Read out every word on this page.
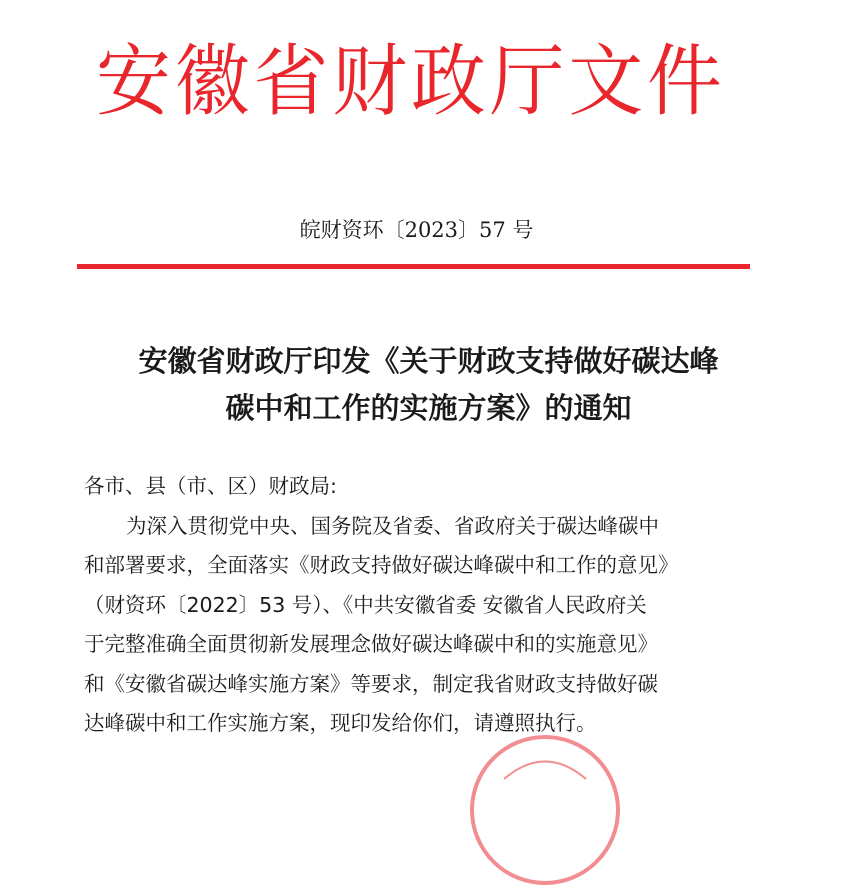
安徽省财政厅文件
皖财资环〔2023〕57 号
安徽省财政厅印发《关于财政支持做好碳达峰
碳中和工作的实施方案》的通知
各市、县（市、区）财政局:
为深入贯彻党中央、国务院及省委、省政府关于碳达峰碳中
和部署要求，全面落实《财政支持做好碳达峰碳中和工作的意见》
（财资环〔2022〕53 号）、《中共安徽省委 安徽省人民政府关
于完整准确全面贯彻新发展理念做好碳达峰碳中和的实施意见》
和《安徽省碳达峰实施方案》等要求，制定我省财政支持做好碳
达峰碳中和工作实施方案，现印发给你们，请遵照执行。
